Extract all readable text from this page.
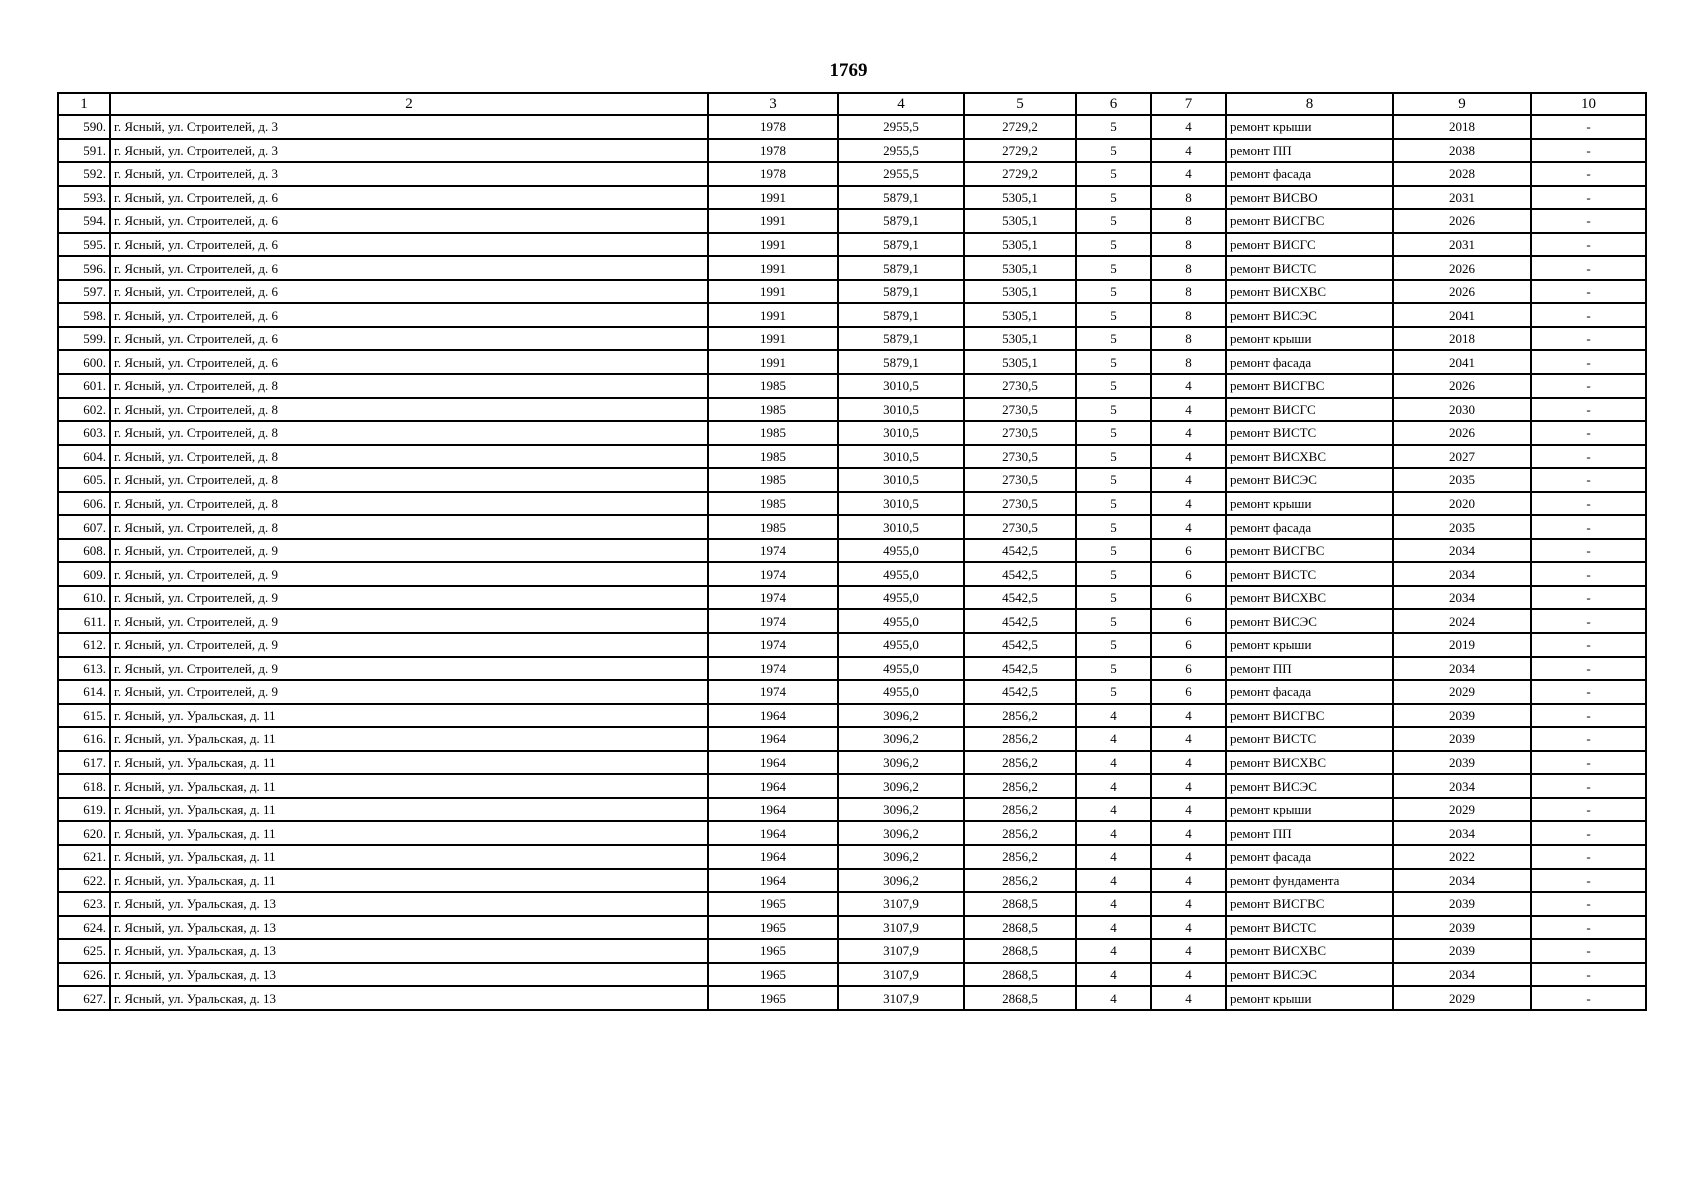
1769
1	2	3	4	5	6	7	8	9	10
590.	г. Ясный, ул. Строителей, д. 3	1978	2955,5	2729,2	5	4	ремонт крыши	2018	-
591.	г. Ясный, ул. Строителей, д. 3	1978	2955,5	2729,2	5	4	ремонт ПП	2038	-
592.	г. Ясный, ул. Строителей, д. 3	1978	2955,5	2729,2	5	4	ремонт фасада	2028	-
593.	г. Ясный, ул. Строителей, д. 6	1991	5879,1	5305,1	5	8	ремонт ВИСВО	2031	-
594.	г. Ясный, ул. Строителей, д. 6	1991	5879,1	5305,1	5	8	ремонт ВИСГВС	2026	-
595.	г. Ясный, ул. Строителей, д. 6	1991	5879,1	5305,1	5	8	ремонт ВИСГС	2031	-
596.	г. Ясный, ул. Строителей, д. 6	1991	5879,1	5305,1	5	8	ремонт ВИСТС	2026	-
597.	г. Ясный, ул. Строителей, д. 6	1991	5879,1	5305,1	5	8	ремонт ВИСХВС	2026	-
598.	г. Ясный, ул. Строителей, д. 6	1991	5879,1	5305,1	5	8	ремонт ВИСЭС	2041	-
599.	г. Ясный, ул. Строителей, д. 6	1991	5879,1	5305,1	5	8	ремонт крыши	2018	-
600.	г. Ясный, ул. Строителей, д. 6	1991	5879,1	5305,1	5	8	ремонт фасада	2041	-
601.	г. Ясный, ул. Строителей, д. 8	1985	3010,5	2730,5	5	4	ремонт ВИСГВС	2026	-
602.	г. Ясный, ул. Строителей, д. 8	1985	3010,5	2730,5	5	4	ремонт ВИСГС	2030	-
603.	г. Ясный, ул. Строителей, д. 8	1985	3010,5	2730,5	5	4	ремонт ВИСТС	2026	-
604.	г. Ясный, ул. Строителей, д. 8	1985	3010,5	2730,5	5	4	ремонт ВИСХВС	2027	-
605.	г. Ясный, ул. Строителей, д. 8	1985	3010,5	2730,5	5	4	ремонт ВИСЭС	2035	-
606.	г. Ясный, ул. Строителей, д. 8	1985	3010,5	2730,5	5	4	ремонт крыши	2020	-
607.	г. Ясный, ул. Строителей, д. 8	1985	3010,5	2730,5	5	4	ремонт фасада	2035	-
608.	г. Ясный, ул. Строителей, д. 9	1974	4955,0	4542,5	5	6	ремонт ВИСГВС	2034	-
609.	г. Ясный, ул. Строителей, д. 9	1974	4955,0	4542,5	5	6	ремонт ВИСТС	2034	-
610.	г. Ясный, ул. Строителей, д. 9	1974	4955,0	4542,5	5	6	ремонт ВИСХВС	2034	-
611.	г. Ясный, ул. Строителей, д. 9	1974	4955,0	4542,5	5	6	ремонт ВИСЭС	2024	-
612.	г. Ясный, ул. Строителей, д. 9	1974	4955,0	4542,5	5	6	ремонт крыши	2019	-
613.	г. Ясный, ул. Строителей, д. 9	1974	4955,0	4542,5	5	6	ремонт ПП	2034	-
614.	г. Ясный, ул. Строителей, д. 9	1974	4955,0	4542,5	5	6	ремонт фасада	2029	-
615.	г. Ясный, ул. Уральская, д. 11	1964	3096,2	2856,2	4	4	ремонт ВИСГВС	2039	-
616.	г. Ясный, ул. Уральская, д. 11	1964	3096,2	2856,2	4	4	ремонт ВИСТС	2039	-
617.	г. Ясный, ул. Уральская, д. 11	1964	3096,2	2856,2	4	4	ремонт ВИСХВС	2039	-
618.	г. Ясный, ул. Уральская, д. 11	1964	3096,2	2856,2	4	4	ремонт ВИСЭС	2034	-
619.	г. Ясный, ул. Уральская, д. 11	1964	3096,2	2856,2	4	4	ремонт крыши	2029	-
620.	г. Ясный, ул. Уральская, д. 11	1964	3096,2	2856,2	4	4	ремонт ПП	2034	-
621.	г. Ясный, ул. Уральская, д. 11	1964	3096,2	2856,2	4	4	ремонт фасада	2022	-
622.	г. Ясный, ул. Уральская, д. 11	1964	3096,2	2856,2	4	4	ремонт фундамента	2034	-
623.	г. Ясный, ул. Уральская, д. 13	1965	3107,9	2868,5	4	4	ремонт ВИСГВС	2039	-
624.	г. Ясный, ул. Уральская, д. 13	1965	3107,9	2868,5	4	4	ремонт ВИСТС	2039	-
625.	г. Ясный, ул. Уральская, д. 13	1965	3107,9	2868,5	4	4	ремонт ВИСХВС	2039	-
626.	г. Ясный, ул. Уральская, д. 13	1965	3107,9	2868,5	4	4	ремонт ВИСЭС	2034	-
627.	г. Ясный, ул. Уральская, д. 13	1965	3107,9	2868,5	4	4	ремонт крыши	2029	-
